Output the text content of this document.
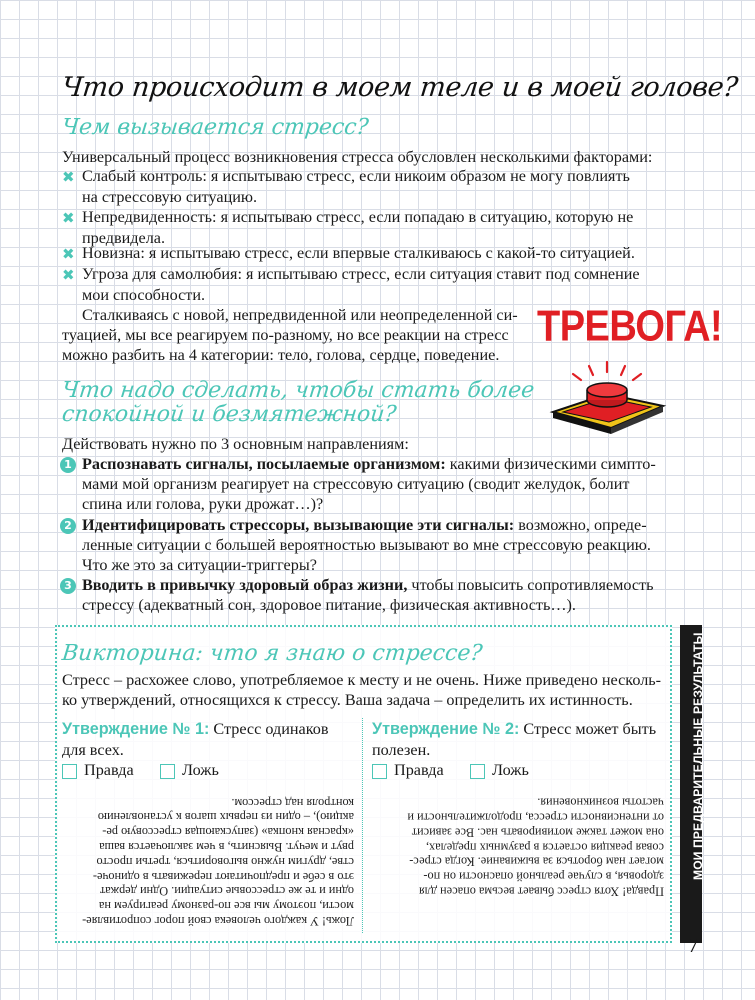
Что происходит в моем теле и в моей голове?
Чем вызывается стресс?
Универсальный процесс возникновения стресса обусловлен несколькими факторами:
✖ Слабый контроль: я испытываю стресс, если никоим образом не могу повлиять
на стрессовую ситуацию.
✖ Непредвиденность: я испытываю стресс, если попадаю в ситуацию, которую не
предвидела.
✖ Новизна: я испытываю стресс, если впервые сталкиваюсь с какой-то ситуацией.
✖ Угроза для самолюбия: я испытываю стресс, если ситуация ставит под сомнение
мои способности.
Сталкиваясь с новой, непредвиденной или неопределенной си-
туацией, мы все реагируем по-разному, но все реакции на стресс
можно разбить на 4 категории: тело, голова, сердце, поведение.
ТРЕВОГА!
Что надо сделать, чтобы стать более
спокойной и безмятежной?
Действовать нужно по 3 основным направлениям:
1 Распознавать сигналы, посылаемые организмом: какими физическими симпто-
мами мой организм реагирует на стрессовую ситуацию (сводит желудок, болит
спина или голова, руки дрожат…)?
2 Идентифицировать стрессоры, вызывающие эти сигналы: возможно, опреде-
ленные ситуации с большей вероятностью вызывают во мне стрессовую реакцию.
Что же это за ситуации-триггеры?
3 Вводить в привычку здоровый образ жизни, чтобы повысить сопротивляемость
стрессу (адекватный сон, здоровое питание, физическая активность…).
Викторина: что я знаю о стрессе?
Стресс – расхожее слово, употребляемое к месту и не очень. Ниже приведено несколь-
ко утверждений, относящихся к стрессу. Ваша задача – определить их истинность.
Утверждение № 1: Стресс одинаков
для всех.
Правда	Ложь
Утверждение № 2: Стресс может быть
полезен.
Правда	Ложь
Ложь! У каждого человека свой порог сопротивляе-
мости, поэтому мы все по-разному реагируем на
одни и те же стрессовые ситуации. Одни держат
это в себе и предпочитают переживать в одиноче-
стве, другим нужно выговориться, третьи просто
рвут и мечут. Выяснить, в чем заключается ваша
«красная кнопка» (запускающая стрессовую ре-
акцию), – один из первых шагов к установлению
контроля над стрессом.
Правда! Хотя стресс бывает весьма опасен для
здоровья, в случае реальной опасности он по-
могает нам бороться за выживание. Когда стрес-
совая реакция остается в разумных пределах,
она может также мотивировать нас. Все зависит
от интенсивности стресса, продолжительности и
частоты возникновения. МОИ ПРЕДВАРИТЕЛЬНЫЕ РЕЗУЛЬТАТЫ
7
